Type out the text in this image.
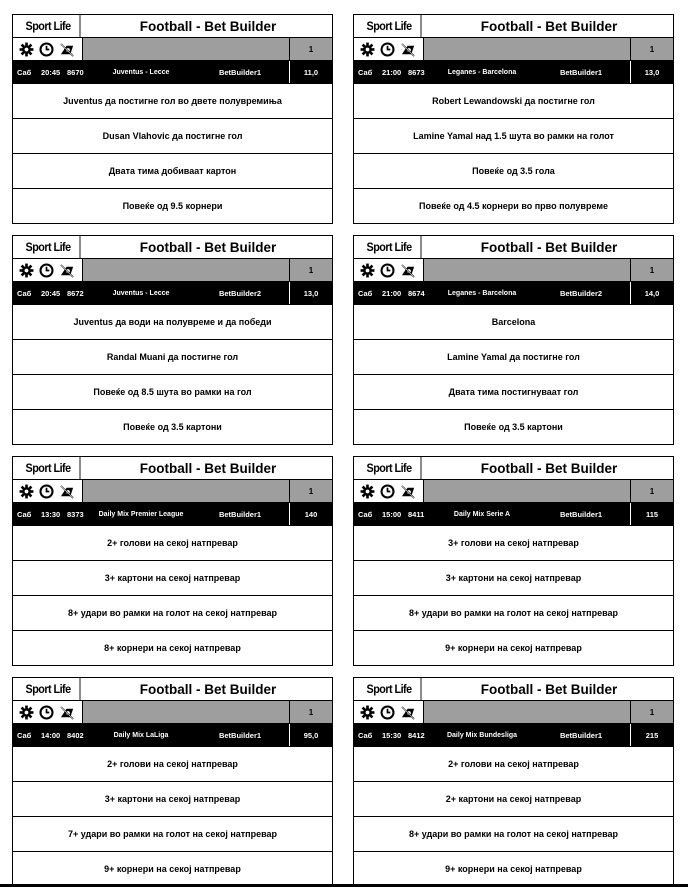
Sport Life	Football - Bet Builder
1
Саб	20:45 8670	Juventus - Lecce	BetBuilder1	11,0
Juventus да постигне гол во двете полувремиња
Dusan Vlahovic да постигне гол
Двата тима добиваат картон
Повеќе од 9.5 корнери
Sport Life	Football - Bet Builder
1
Саб	21:00 8673	Leganes - Barcelona	BetBuilder1	13,0
Robert Lewandowski да постигне гол
Lamine Yamal над 1.5 шута во рамки на голот
Повеќе од 3.5 гола
Повеќе од 4.5 корнери во прво полувреме
Sport Life	Football - Bet Builder
1
Саб	20:45 8672	Juventus - Lecce	BetBuilder2	13,0
Juventus да води на полувреме и да победи
Randal Muani да постигне гол
Повеќе од 8.5 шута во рамки на гол
Повеќе од 3.5 картони
Sport Life	Football - Bet Builder
1
Саб	21:00 8674	Leganes - Barcelona	BetBuilder2	14,0
Barcelona
Lamine Yamal да постигне гол
Двата тима постигнуваат гол
Повеќе од 3.5 картони
Sport Life	Football - Bet Builder
1
Саб	13:30 8373	Daily Mix Premier League	BetBuilder1	140
2+ голови на секој натпревар
3+ картони на секој натпревар
8+ удари во рамки на голот на секој натпревар
8+ корнери на секој натпревар
Sport Life	Football - Bet Builder
1
Саб	15:00 8411	Daily Mix Serie A	BetBuilder1	115
3+ голови на секој натпревар
3+ картони на секој натпревар
8+ удари во рамки на голот на секој натпревар
9+ корнери на секој натпревар
Sport Life	Football - Bet Builder
1
Саб	14:00 8402	Daily Mix LaLiga	BetBuilder1	95,0
2+ голови на секој натпревар
3+ картони на секој натпревар
7+ удари во рамки на голот на секој натпревар
9+ корнери на секој натпревар
Sport Life	Football - Bet Builder
1
Саб	15:30 8412	Daily Mix Bundesliga	BetBuilder1	215
2+ голови на секој натпревар
2+ картони на секој натпревар
8+ удари во рамки на голот на секој натпревар
9+ корнери на секој натпревар
